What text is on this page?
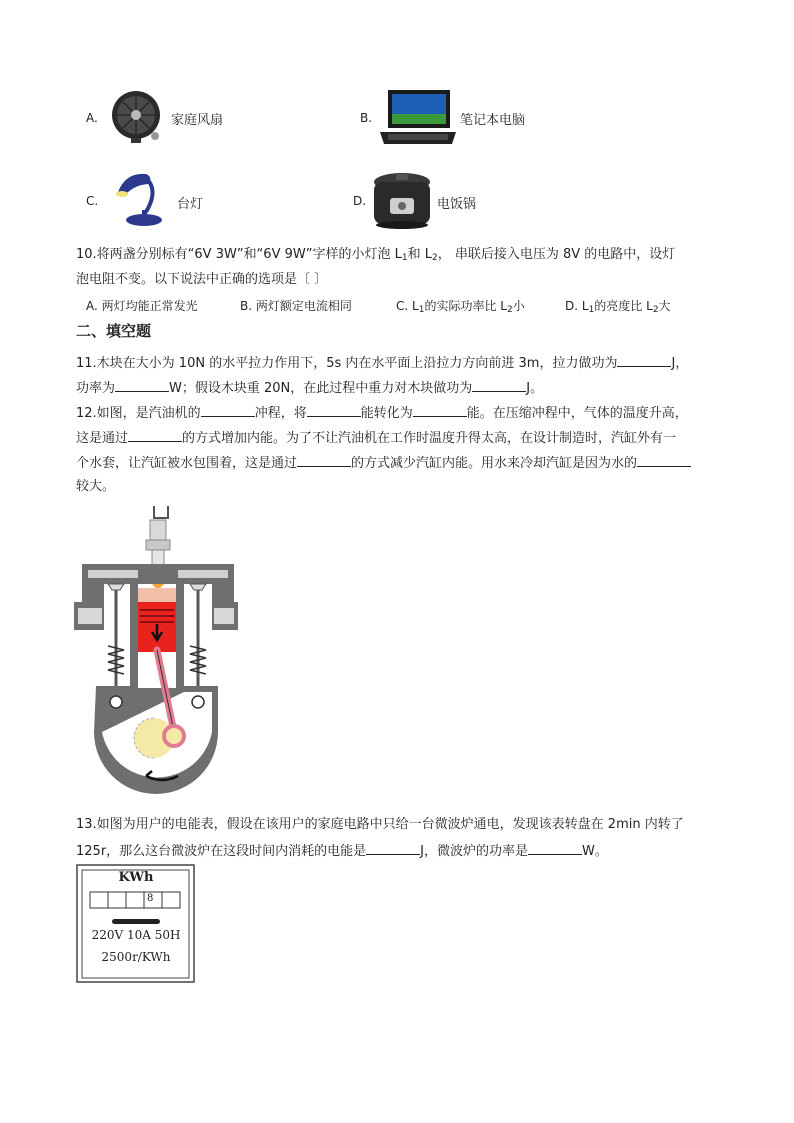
A.	家庭风扇	B.	笔记本电脑
C.	台灯	D.	电饭锅
10.将两盏分别标有“6V 3W”和“6V 9W”字样的小灯泡 $L_1$和 $L_2$， 串联后接入电压为 8V 的电路中，设灯
泡电阻不变。以下说法中正确的选项是〔 〕
A. 两灯均能正常发光	B. 两灯额定电流相同	C. $L_1$的实际功率比 $L_2$小	D. $L_1$的亮度比 $L_2$大
二、填空题
11.木块在大小为 10N 的水平拉力作用下，5s 内在水平面上沿拉力方向前进 3m，拉力做功为	J，
功率为	W；假设木块重 20N，在此过程中重力对木块做功为	J。
12.如图，是汽油机的	冲程，将	能转化为	能。在压缩冲程中，气体的温度升高，
这是通过	的方式增加内能。为了不让汽油机在工作时温度升得太高，在设计制造时，汽缸外有一
个水套，让汽缸被水包围着，这是通过	的方式减少汽缸内能。用水来冷却汽缸是因为水的
较大。
13.如图为用户的电能表，假设在该用户的家庭电路中只给一台微波炉通电，发现该表转盘在 2min 内转了
125r，那么这台微波炉在这段时间内消耗的电能是	J，微波炉的功率是	W。
KWh
8
220V 10A 50H
2500r/KWh
